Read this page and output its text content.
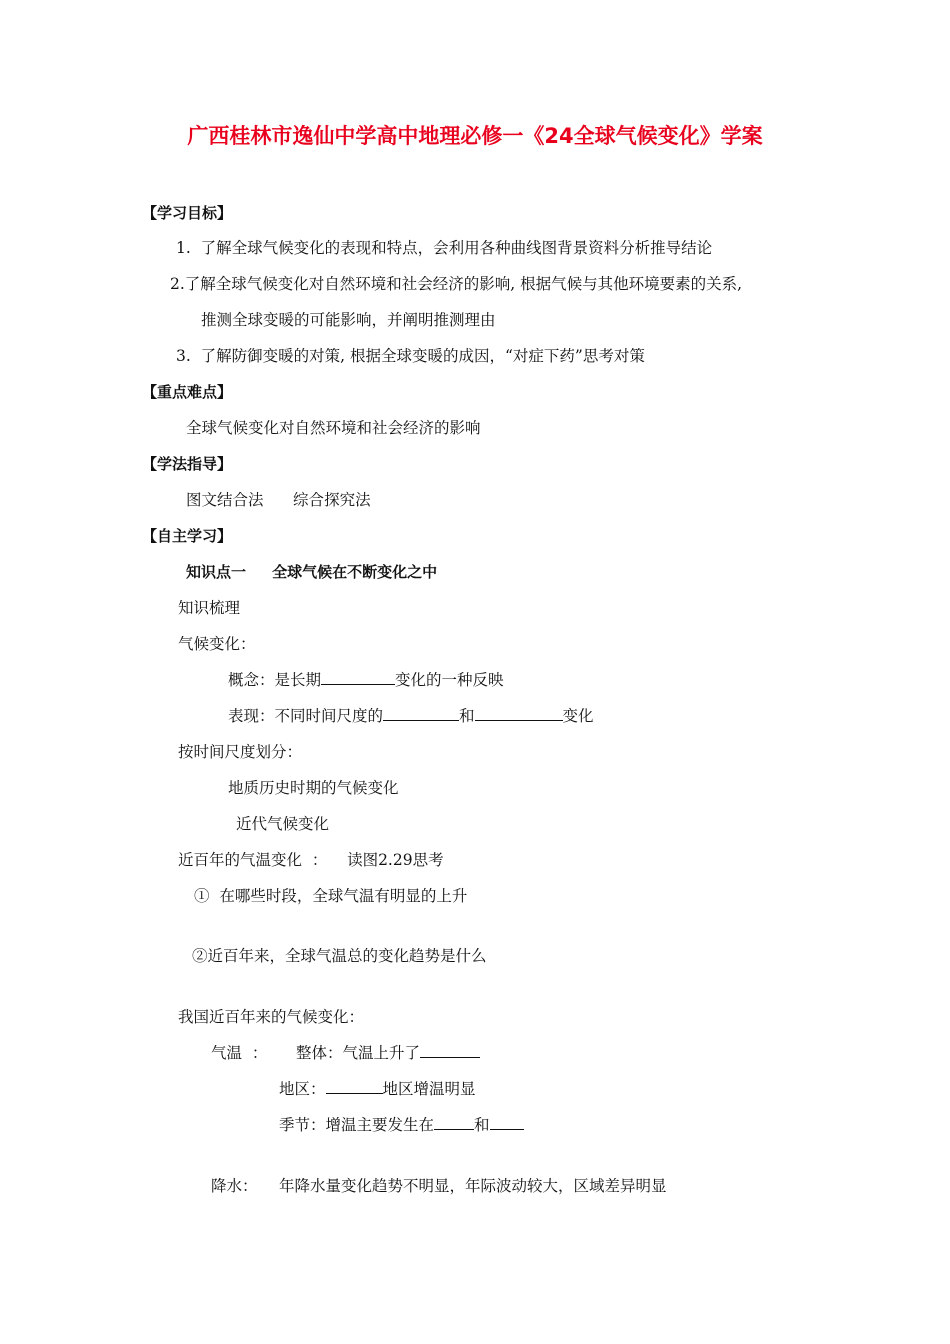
广西桂林市逸仙中学高中地理必修一《24全球气候变化》学案
【学习目标】
1.  了解全球气候变化的表现和特点，会利用各种曲线图背景资料分析推导结论
2.了解全球气候变化对自然环境和社会经济的影响, 根据气候与其他环境要素的关系,
推测全球变暖的可能影响，并阐明推测理由
3.  了解防御变暖的对策, 根据全球变暖的成因，“对症下药”思考对策
【重点难点】
全球气候变化对自然环境和社会经济的影响
【学法指导】
图文结合法      综合探究法
【自主学习】
知识点一     全球气候在不断变化之中
知识梳理
气候变化：
概念：是长期	变化的一种反映
表现：不同时间尺度的	和	变化
按时间尺度划分：
地质历史时期的气候变化
近代气候变化
近百年的气温变化  ：    读图2.29思考
①  在哪些时段，全球气温有明显的上升
②近百年来，全球气温总的变化趋势是什么
我国近百年来的气候变化：
气温  ： 整体：气温上升了
地区：	地区增温明显
季节：增温主要发生在	和
降水： 年降水量变化趋势不明显，年际波动较大，区域差异明显
